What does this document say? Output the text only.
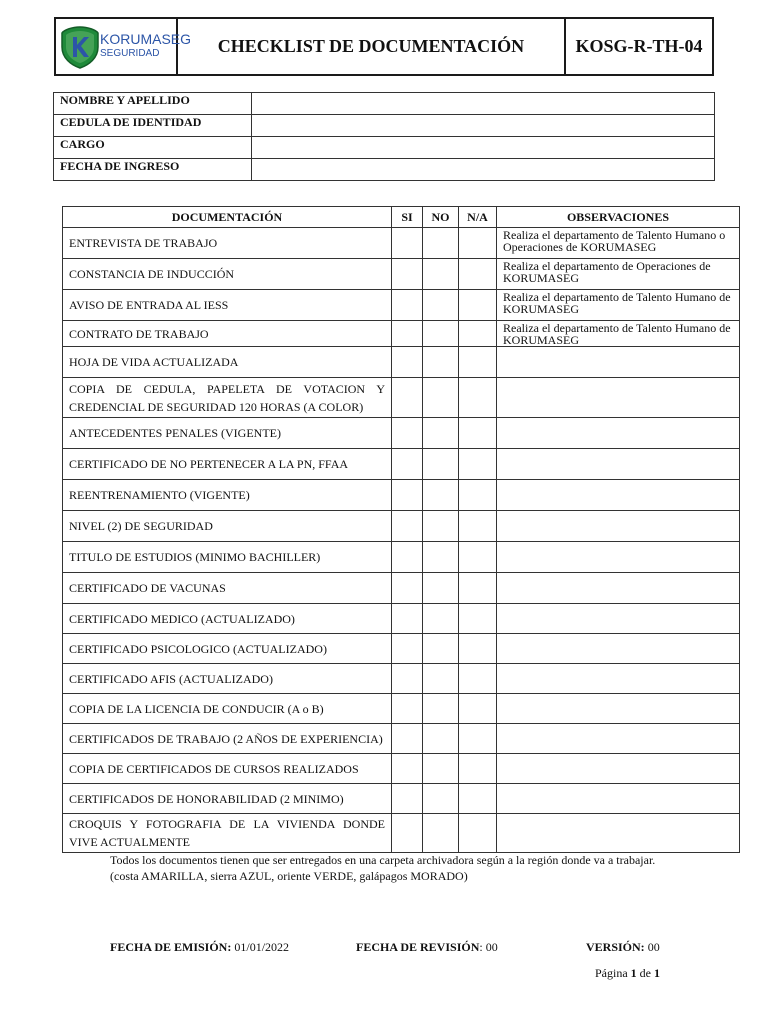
KORUMASEG
SEGURIDAD	CHECKLIST DE DOCUMENTACIÓN	KOSG-R-TH-04
NOMBRE Y APELLIDO	
CEDULA DE IDENTIDAD	
CARGO	
FECHA DE INGRESO	
DOCUMENTACIÓN	SI	NO	N/A	OBSERVACIONES
ENTREVISTA DE TRABAJO				Realiza el departamento de Talento Humano o Operaciones de KORUMASEG
CONSTANCIA DE INDUCCIÓN				Realiza el departamento de Operaciones de KORUMASEG
AVISO DE ENTRADA AL IESS				Realiza el departamento de Talento Humano de KORUMASEG
CONTRATO DE TRABAJO				Realiza el departamento de Talento Humano de KORUMASEG
HOJA DE VIDA ACTUALIZADA				
COPIA DE CEDULA, PAPELETA DE VOTACION Y CREDENCIAL DE SEGURIDAD 120 HORAS (A COLOR)				
ANTECEDENTES PENALES (VIGENTE)				
CERTIFICADO DE NO PERTENECER A LA PN, FFAA				
REENTRENAMIENTO (VIGENTE)				
NIVEL (2) DE SEGURIDAD				
TITULO DE ESTUDIOS (MINIMO BACHILLER)				
CERTIFICADO DE VACUNAS				
CERTIFICADO MEDICO (ACTUALIZADO)				
CERTIFICADO PSICOLOGICO (ACTUALIZADO)				
CERTIFICADO AFIS (ACTUALIZADO)				
COPIA DE LA LICENCIA DE CONDUCIR (A o B)				
CERTIFICADOS DE TRABAJO (2 AÑOS DE EXPERIENCIA)				
COPIA DE CERTIFICADOS DE CURSOS REALIZADOS				
CERTIFICADOS DE HONORABILIDAD (2 MINIMO)				
CROQUIS Y FOTOGRAFIA DE LA VIVIENDA DONDE VIVE ACTUALMENTE				
Todos los documentos tienen que ser entregados en una carpeta archivadora según a la región donde va a trabajar.
(costa AMARILLA, sierra AZUL, oriente VERDE, galápagos MORADO)
FECHA DE EMISIÓN: 01/01/2022	FECHA DE REVISIÓN: 00	VERSIÓN: 00
Página 1 de 1
